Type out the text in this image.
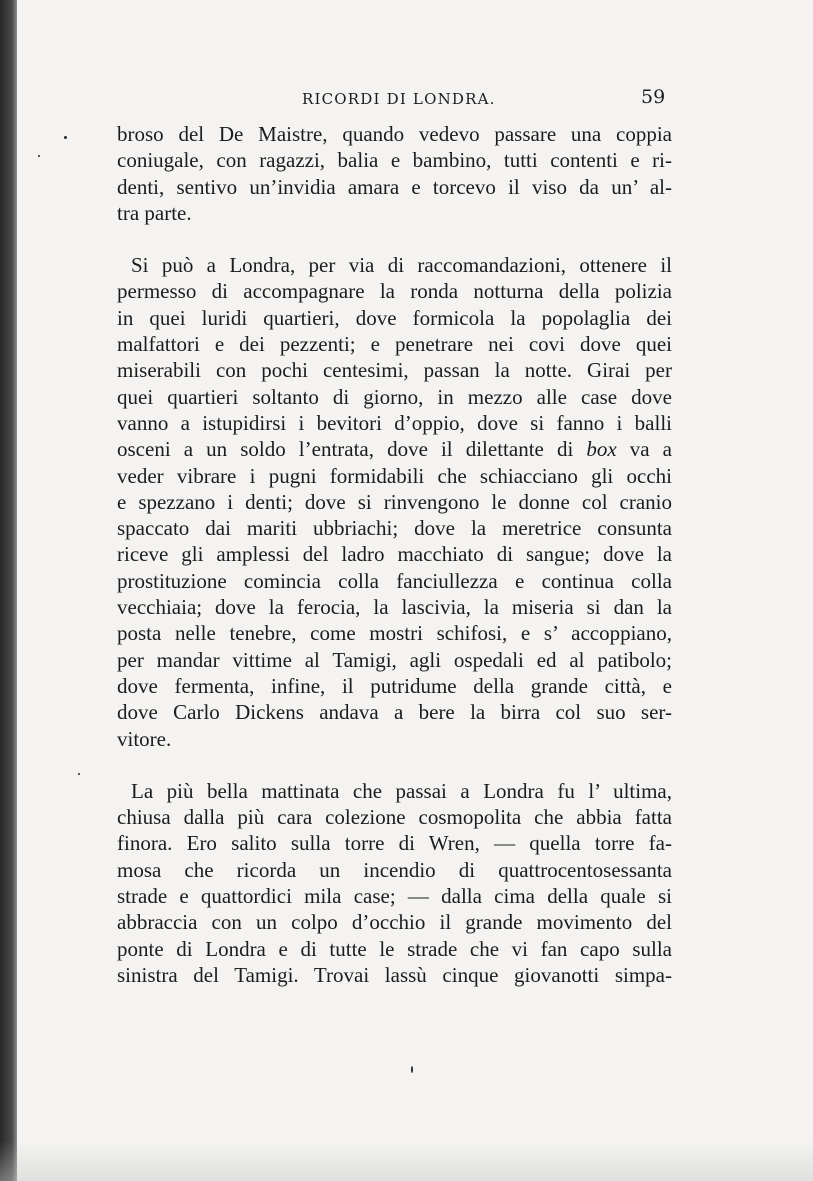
RICORDI DI LONDRA.	59
broso del De Maistre, quando vedevo passare una coppia
coniugale, con ragazzi, balia e bambino, tutti contenti e ri-
denti, sentivo un’invidia amara e torcevo il viso da un’ al-
tra parte.
Si può a Londra, per via di raccomandazioni, ottenere il
permesso di accompagnare la ronda notturna della polizia
in quei luridi quartieri, dove formicola la popolaglia dei
malfattori e dei pezzenti; e penetrare nei covi dove quei
miserabili con pochi centesimi, passan la notte. Girai per
quei quartieri soltanto di giorno, in mezzo alle case dove
vanno a istupidirsi i bevitori d’oppio, dove si fanno i balli
osceni a un soldo l’entrata, dove il dilettante di box va a
veder vibrare i pugni formidabili che schiacciano gli occhi
e spezzano i denti; dove si rinvengono le donne col cranio
spaccato dai mariti ubbriachi; dove la meretrice consunta
riceve gli amplessi del ladro macchiato di sangue; dove la
prostituzione comincia colla fanciullezza e continua colla
vecchiaia; dove la ferocia, la lascivia, la miseria si dan la
posta nelle tenebre, come mostri schifosi, e s’ accoppiano,
per mandar vittime al Tamigi, agli ospedali ed al patibolo;
dove fermenta, infine, il putridume della grande città, e
dove Carlo Dickens andava a bere la birra col suo ser-
vitore.
La più bella mattinata che passai a Londra fu l’ ultima,
chiusa dalla più cara colezione cosmopolita che abbia fatta
finora. Ero salito sulla torre di Wren, — quella torre fa-
mosa che ricorda un incendio di quattrocentosessanta
strade e quattordici mila case; — dalla cima della quale si
abbraccia con un colpo d’occhio il grande movimento del
ponte di Londra e di tutte le strade che vi fan capo sulla
sinistra del Tamigi. Trovai lassù cinque giovanotti simpa-
